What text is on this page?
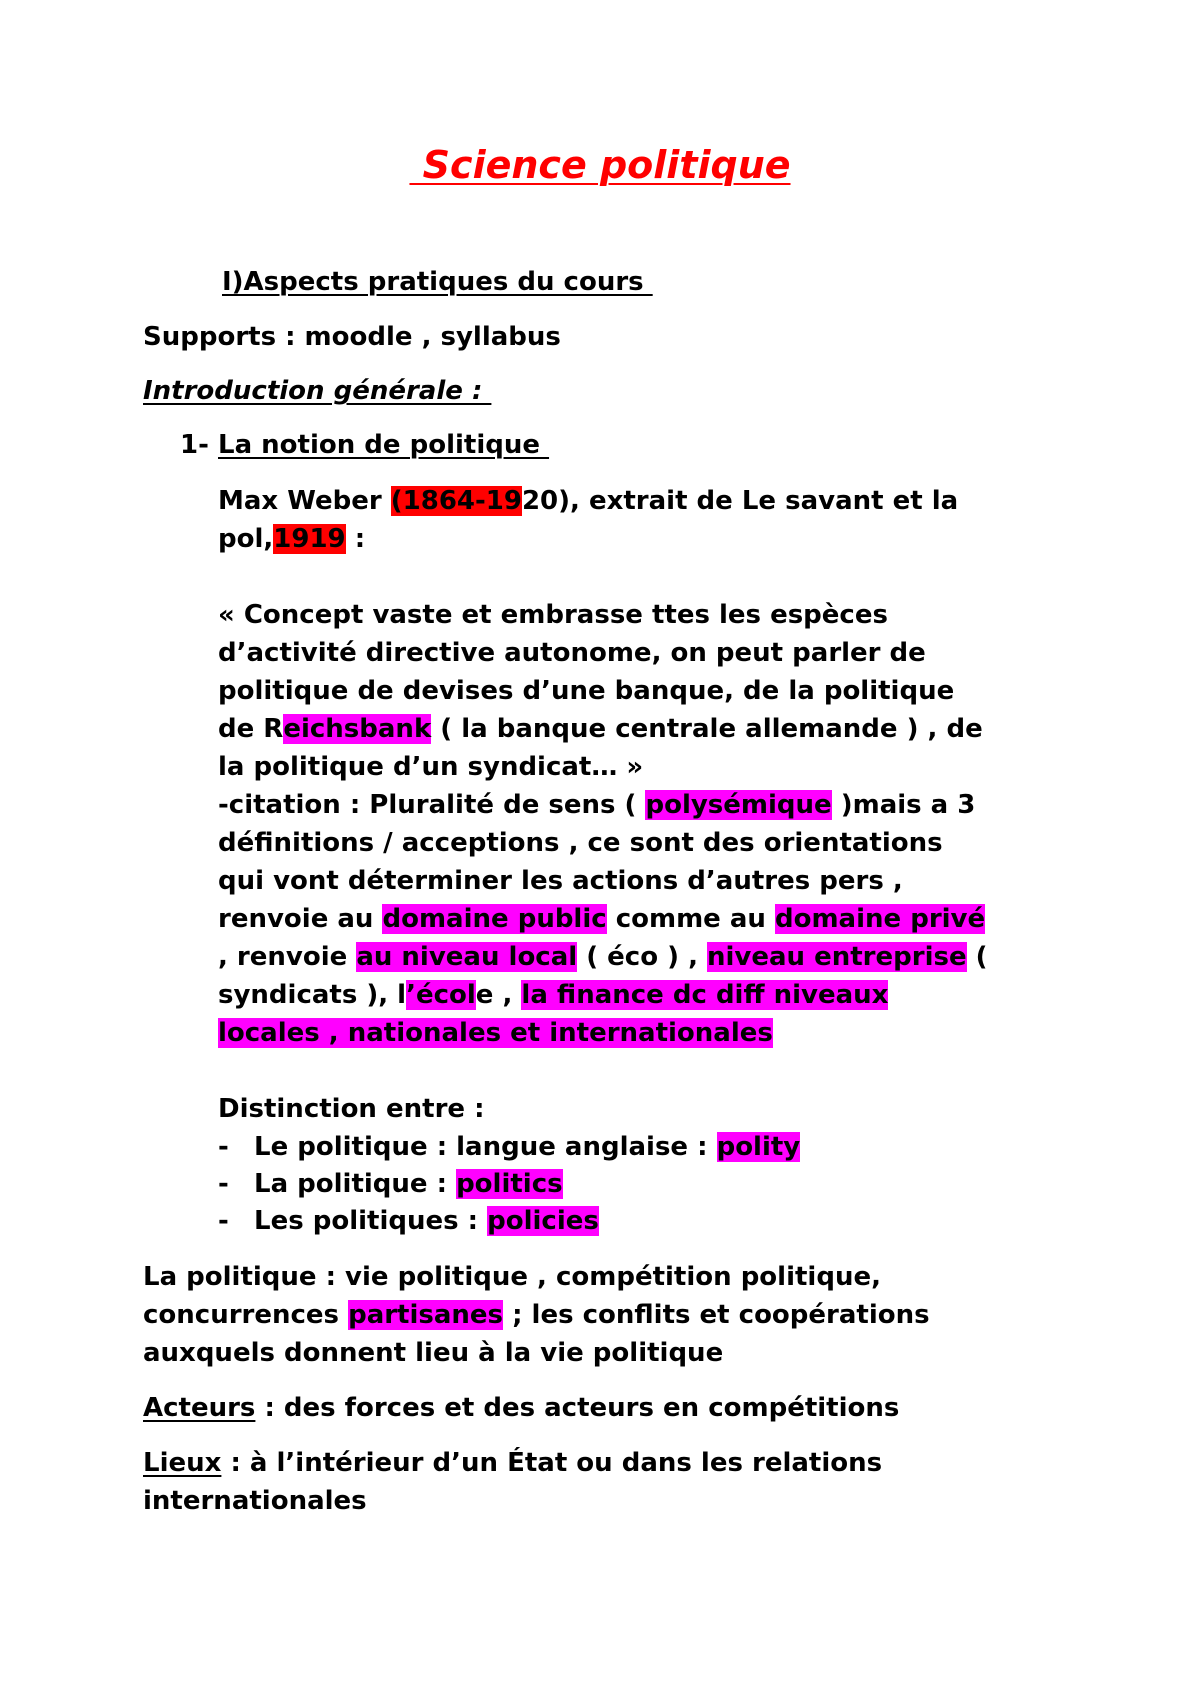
Science politique
I)Aspects pratiques du cours
Supports : moodle , syllabus
Introduction générale :
1- La notion de politique
Max Weber (1864-1920), extrait de Le savant et la
pol,1919 :
« Concept vaste et embrasse ttes les espèces
d’activité directive autonome, on peut parler de
politique de devises d’une banque, de la politique
de Reichsbank ( la banque centrale allemande ) , de
la politique d’un syndicat… »
-citation : Pluralité de sens ( polysémique )mais a 3
définitions / acceptions , ce sont des orientations
qui vont déterminer les actions d’autres pers ,
renvoie au domaine public comme au domaine privé
, renvoie au niveau local ( éco ) , niveau entreprise (
syndicats ), l’école , la finance dc diff niveaux
locales , nationales et internationales
Distinction entre :
- Le politique : langue anglaise : polity
- La politique : politics
- Les politiques : policies
La politique : vie politique , compétition politique,
concurrences partisanes ; les conflits et coopérations
auxquels donnent lieu à la vie politique
Acteurs : des forces et des acteurs en compétitions
Lieux : à l’intérieur d’un État ou dans les relations
internationales
